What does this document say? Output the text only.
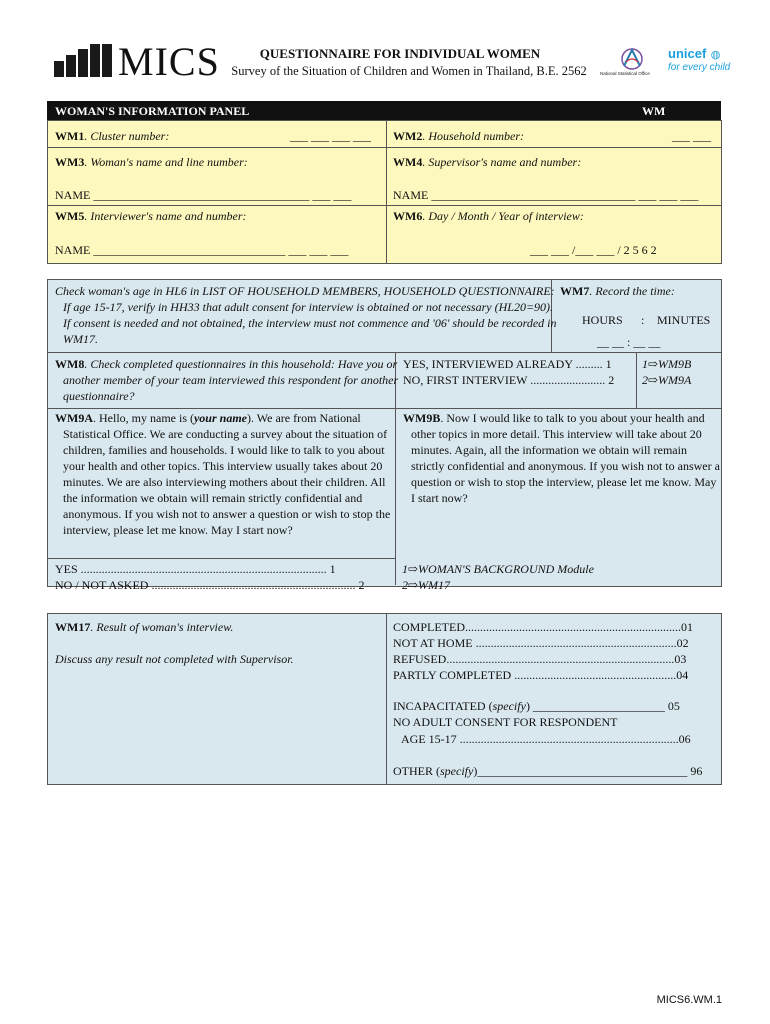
MICS	QUESTIONNAIRE FOR INDIVIDUAL WOMEN
Survey of the Situation of Children and Women in Thailand, B.E. 2562	National Statistical Office
unicef ◍
for every child
WOMAN'S INFORMATION PANEL	WM
WM1. Cluster number:	___ ___ ___ ___ WM2. Household number:	___ ___
WM3. Woman's name and line number:
NAME ____________________________________ ___ ___
WM4. Supervisor's name and number:
NAME __________________________________ ___ ___ ___
WM5. Interviewer's name and number:
NAME ________________________________ ___ ___ ___
WM6. Day / Month / Year of interview:
___ ___ /___ ___ / 2 5 6 2
Check woman's age in HL6 in LIST OF HOUSEHOLD MEMBERS, HOUSEHOLD QUESTIONNAIRE: If age 15-17, verify in HH33 that adult consent for interview is obtained or not necessary (HL20=90). If consent is needed and not obtained, the interview must not commence and '06' should be recorded in WM17.
WM7. Record the time:
HOURS : MINUTES
__ __ : __ __
WM8. Check completed questionnaires in this household: Have you or another member of your team interviewed this respondent for another questionnaire?
YES, INTERVIEWED ALREADY ......... 1
NO, FIRST INTERVIEW ......................... 2
1⇨WM9B
2⇨WM9A
WM9A. Hello, my name is (your name). We are from National Statistical Office. We are conducting a survey about the situation of children, families and households. I would like to talk to you about your health and other topics. This interview usually takes about 20 minutes. We are also interviewing mothers about their children. All the information we obtain will remain strictly confidential and anonymous. If you wish not to answer a question or wish to stop the interview, please let me know. May I start now?
YES .................................................................................. 1
NO / NOT ASKED .................................................................... 2
1⇨WOMAN'S BACKGROUND Module
2⇨WM17
WM9B. Now I would like to talk to you about your health and other topics in more detail. This interview will take about 20 minutes. Again, all the information we obtain will remain strictly confidential and anonymous. If you wish not to answer a question or wish to stop the interview, please let me know. May I start now?
WM17. Result of woman's interview.
Discuss any result not completed with Supervisor.
COMPLETED........................................................................01
NOT AT HOME ...................................................................02
REFUSED............................................................................03
PARTLY COMPLETED ......................................................04
INCAPACITATED (specify) ______________________ 05
NO ADULT CONSENT FOR RESPONDENT
AGE 15-17 .........................................................................06
OTHER (specify)___________________________________ 96
MICS6.WM.1
